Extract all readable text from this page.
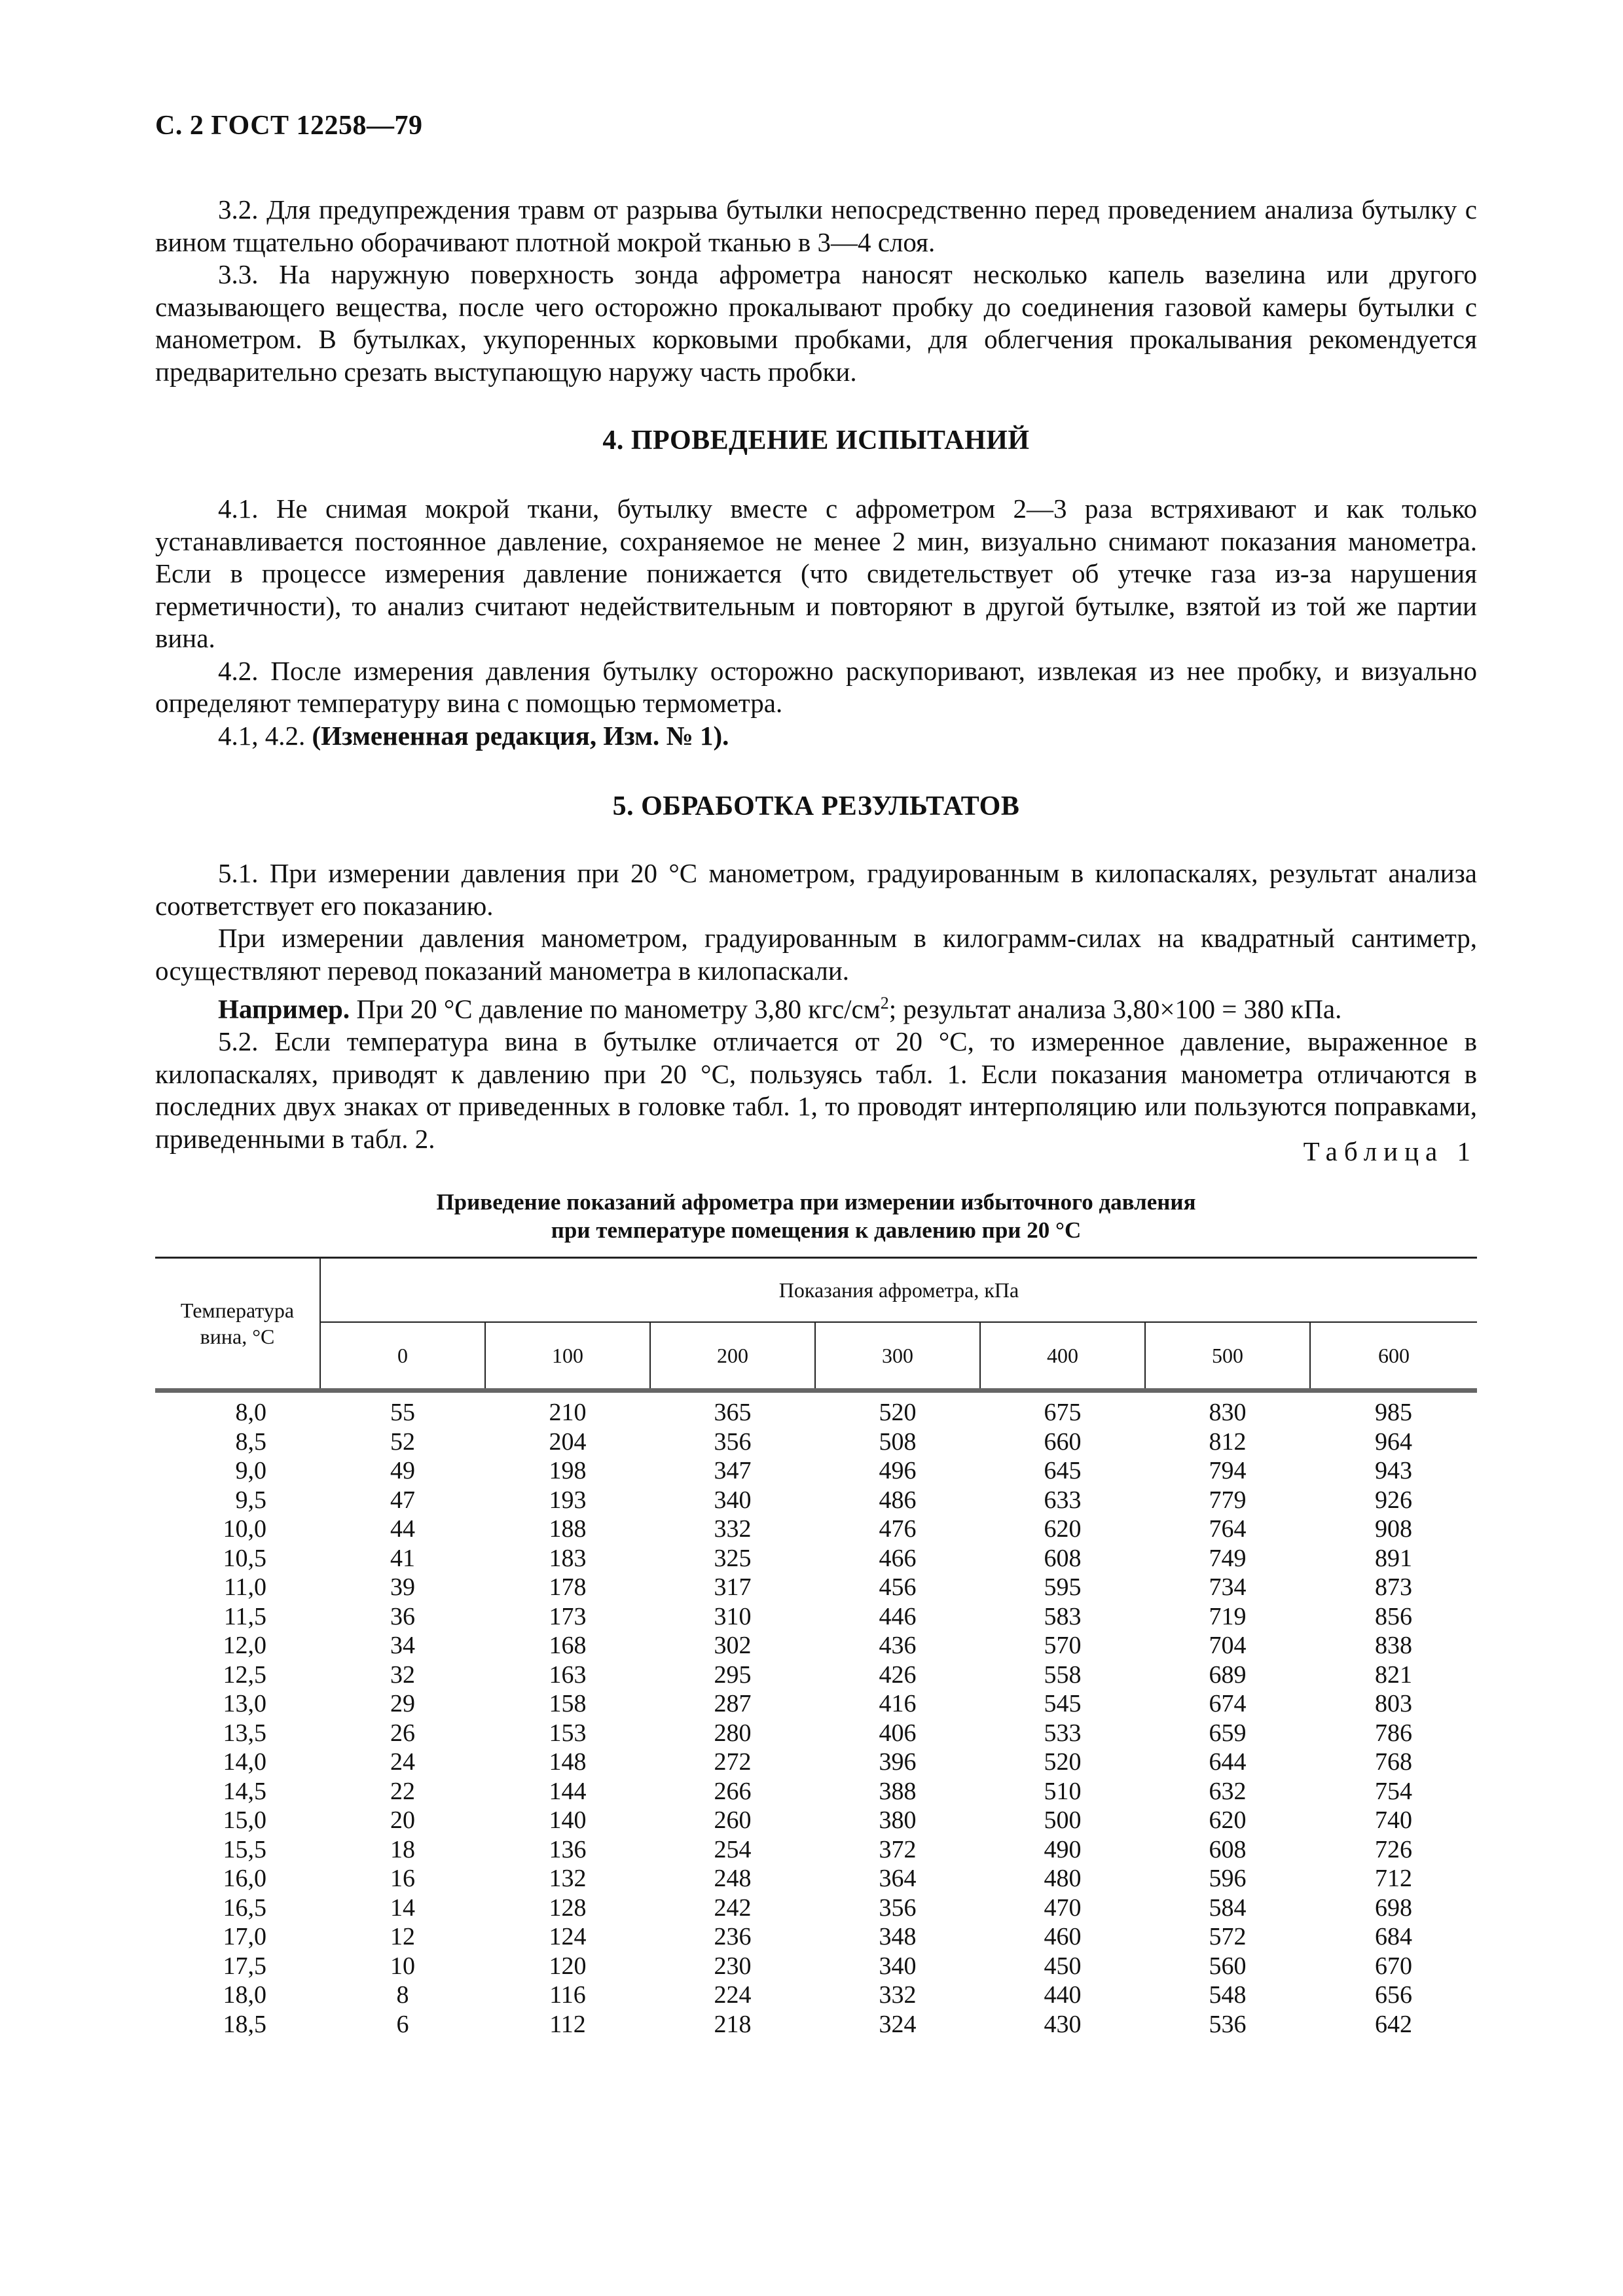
С. 2 ГОСТ 12258—79

3.2. Для предупреждения травм от разрыва бутылки непосредственно перед проведением анализа бутылку с вином тщательно оборачивают плотной мокрой тканью в 3—4 слоя.

3.3. На наружную поверхность зонда афрометра наносят несколько капель вазелина или другого смазывающего вещества, после чего осторожно прокалывают пробку до соединения газовой камеры бутылки с манометром. В бутылках, укупоренных корковыми пробками, для облегчения прокалывания рекомендуется предварительно срезать выступающую наружу часть пробки.

4. ПРОВЕДЕНИЕ ИСПЫТАНИЙ

4.1. Не снимая мокрой ткани, бутылку вместе с афрометром 2—3 раза встряхивают и как только устанавливается постоянное давление, сохраняемое не менее 2 мин, визуально снимают показания манометра. Если в процессе измерения давление понижается (что свидетельствует об утечке газа из-за нарушения герметичности), то анализ считают недействительным и повторяют в другой бутылке, взятой из той же партии вина.

4.2. После измерения давления бутылку осторожно раскупоривают, извлекая из нее пробку, и визуально определяют температуру вина с помощью термометра.

4.1, 4.2. (Измененная редакция, Изм. № 1).

5. ОБРАБОТКА РЕЗУЛЬТАТОВ

5.1. При измерении давления при 20 °С манометром, градуированным в килопаскалях, результат анализа соответствует его показанию.

При измерении давления манометром, градуированным в килограмм-силах на квадратный сантиметр, осуществляют перевод показаний манометра в килопаскали.

Например. При 20 °С давление по манометру 3,80 кгс/$см^2$; результат анализа 3,80×100 = 380 кПа.

5.2. Если температура вина в бутылке отличается от 20 °С, то измеренное давление, выраженное в килопаскалях, приводят к давлению при 20 °С, пользуясь табл. 1. Если показания манометра отличаются в последних двух знаках от приведенных в головке табл. 1, то проводят интерполяцию или пользуются поправками, приведенными в табл. 2.	Таблица 1
Приведение показаний афрометра при измерении избыточного давления
при температуре помещения к давлению при 20 °С
Температура
вина, °С	Показания афрометра, кПа						
	0	100	200	300	400	500	600
8,0	55	210	365	520	675	830	985
8,5	52	204	356	508	660	812	964
9,0	49	198	347	496	645	794	943
9,5	47	193	340	486	633	779	926
10,0	44	188	332	476	620	764	908
10,5	41	183	325	466	608	749	891
11,0	39	178	317	456	595	734	873
11,5	36	173	310	446	583	719	856
12,0	34	168	302	436	570	704	838
12,5	32	163	295	426	558	689	821
13,0	29	158	287	416	545	674	803
13,5	26	153	280	406	533	659	786
14,0	24	148	272	396	520	644	768
14,5	22	144	266	388	510	632	754
15,0	20	140	260	380	500	620	740
15,5	18	136	254	372	490	608	726
16,0	16	132	248	364	480	596	712
16,5	14	128	242	356	470	584	698
17,0	12	124	236	348	460	572	684
17,5	10	120	230	340	450	560	670
18,0	8	116	224	332	440	548	656
18,5	6	112	218	324	430	536	642
